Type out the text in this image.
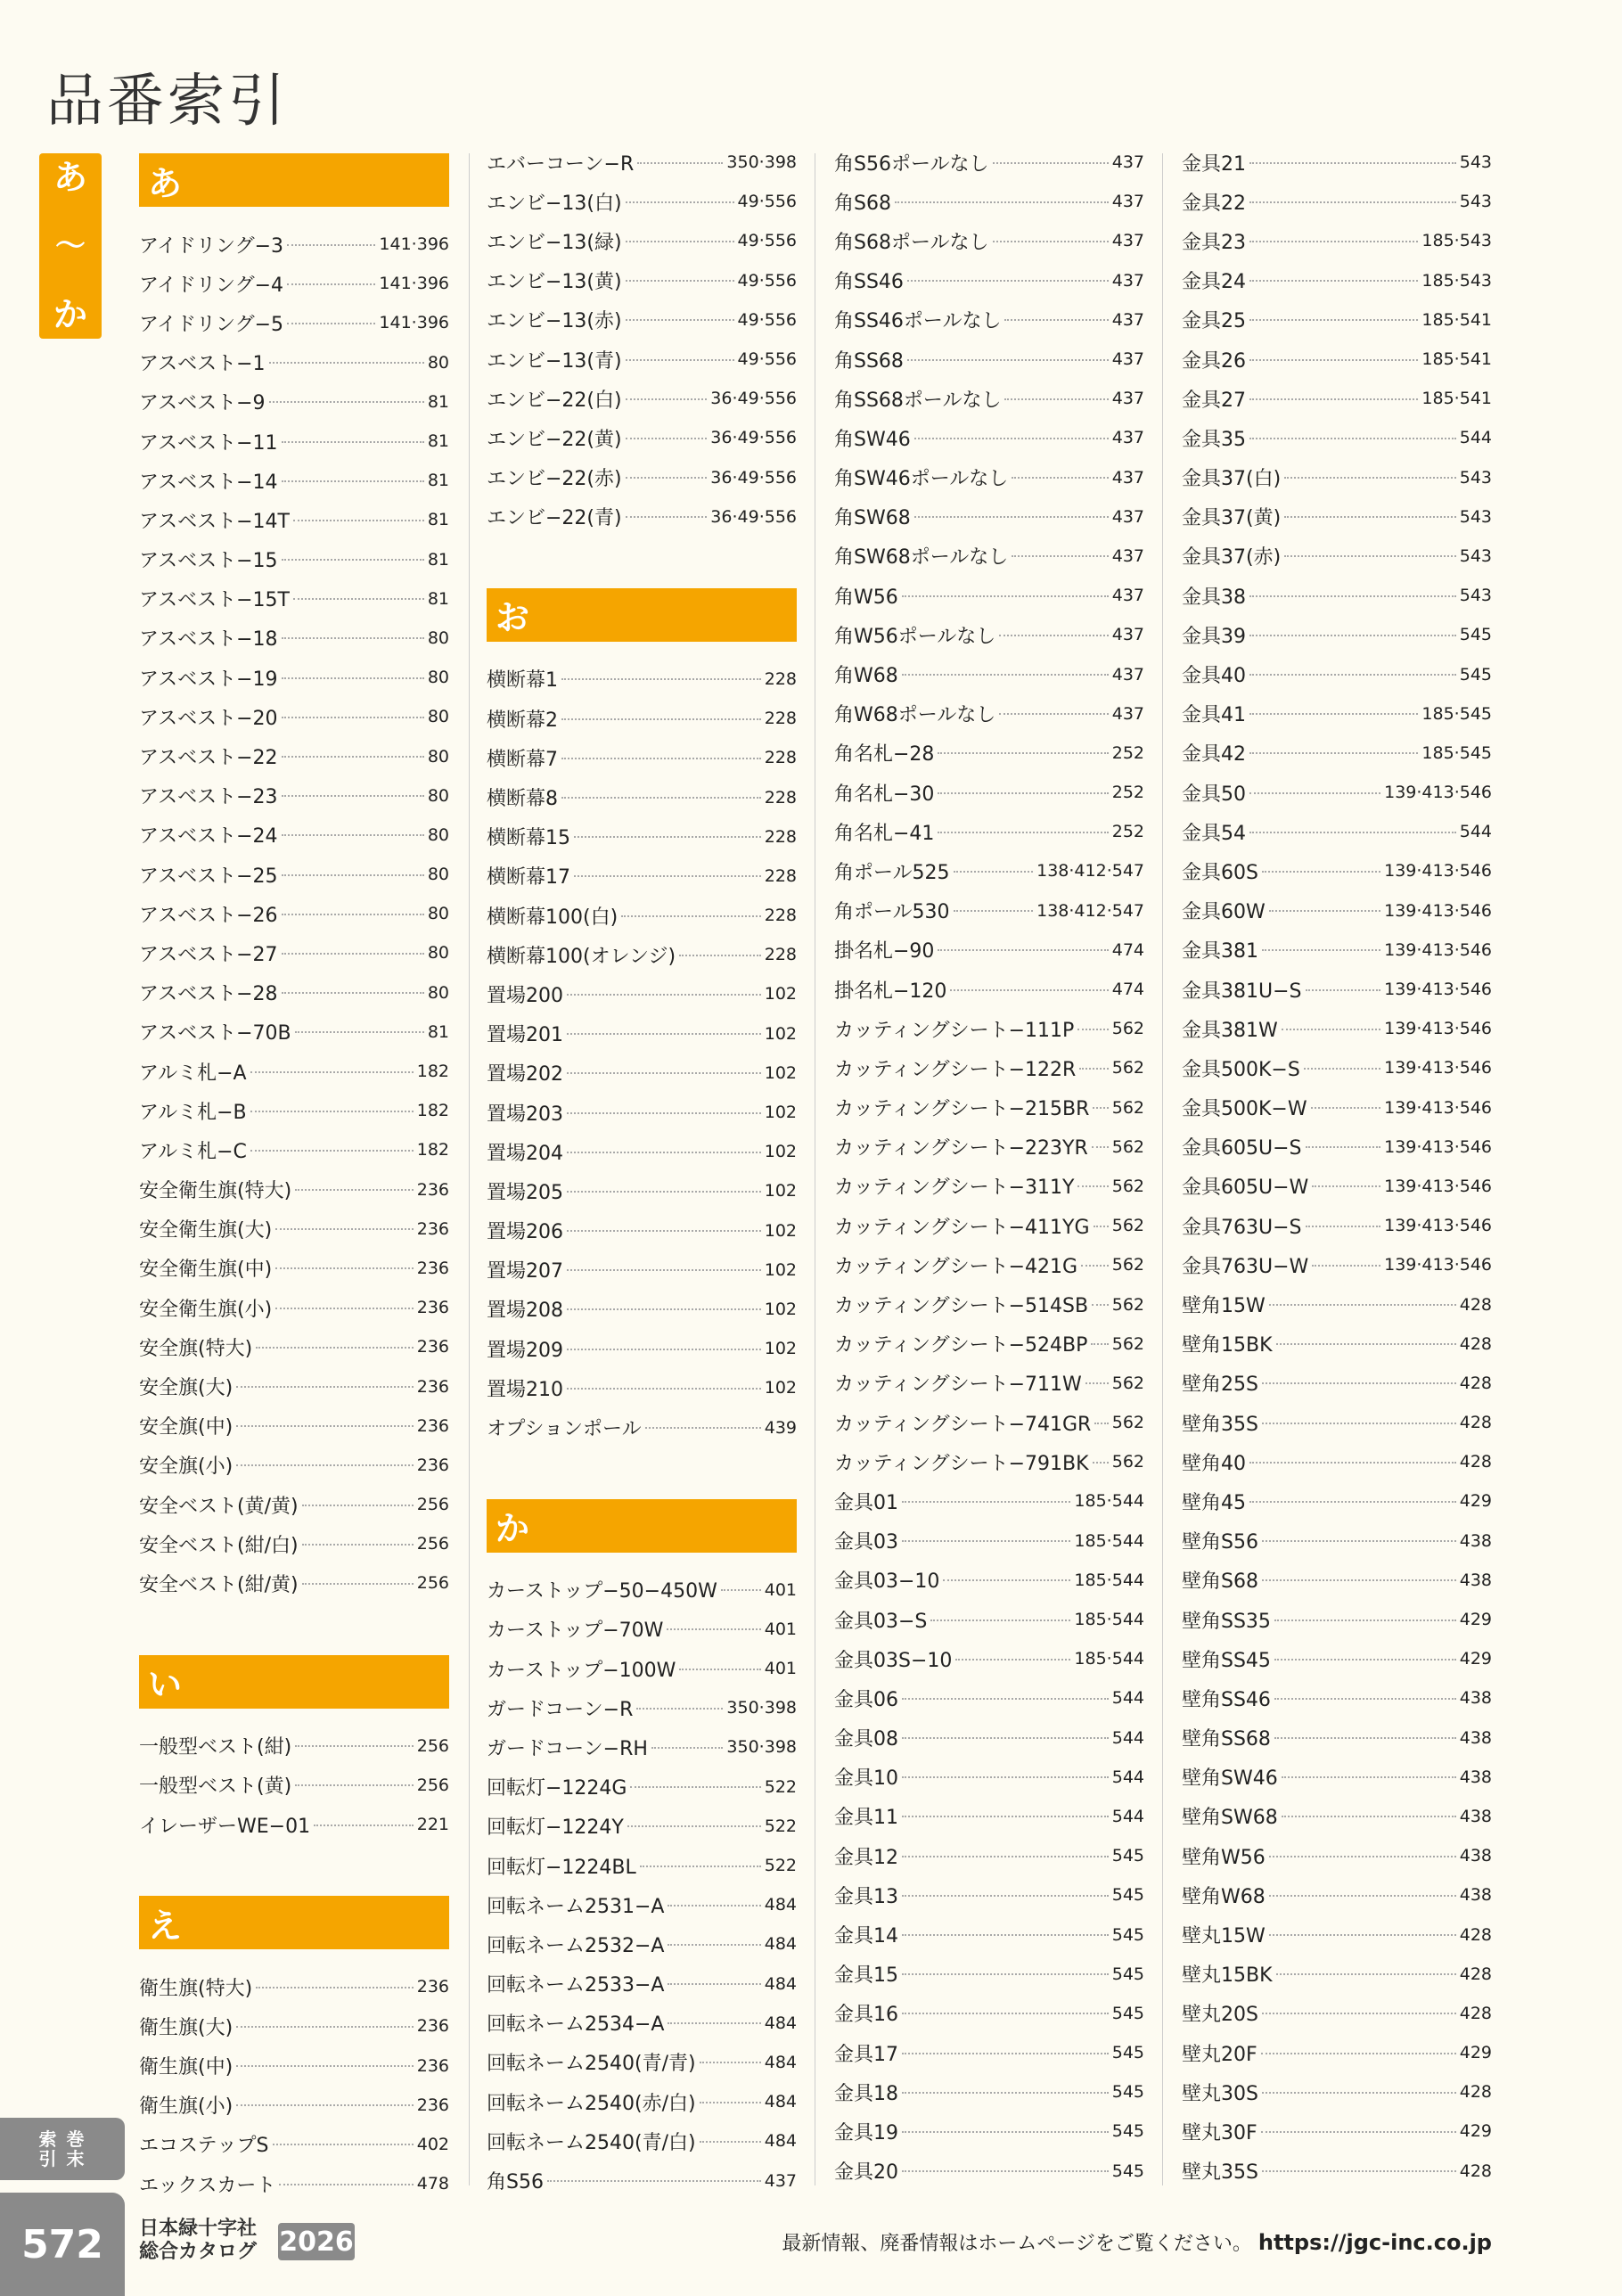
品番索引
あ
〜
か
あ
アイドリング−3	141·396
アイドリング−4	141·396
アイドリング−5	141·396
アスベスト−1	80
アスベスト−9	81
アスベスト−11	81
アスベスト−14	81
アスベスト−14T	81
アスベスト−15	81
アスベスト−15T	81
アスベスト−18	80
アスベスト−19	80
アスベスト−20	80
アスベスト−22	80
アスベスト−23	80
アスベスト−24	80
アスベスト−25	80
アスベスト−26	80
アスベスト−27	80
アスベスト−28	80
アスベスト−70B	81
アルミ札−A	182
アルミ札−B	182
アルミ札−C	182
安全衛生旗(特大)	236
安全衛生旗(大)	236
安全衛生旗(中)	236
安全衛生旗(小)	236
安全旗(特大)	236
安全旗(大)	236
安全旗(中)	236
安全旗(小)	236
安全ベスト(黄/黄)	256
安全ベスト(紺/白)	256
安全ベスト(紺/黄)	256
い
一般型ベスト(紺)	256
一般型ベスト(黄)	256
イレーザーWE−01	221
え
衛生旗(特大)	236
衛生旗(大)	236
衛生旗(中)	236
衛生旗(小)	236
エコステップS	402
エックスカート	478
エバーコーン−R	350·398
エンビ−13(白)	49·556
エンビ−13(緑)	49·556
エンビ−13(黄)	49·556
エンビ−13(赤)	49·556
エンビ−13(青)	49·556
エンビ−22(白)	36·49·556
エンビ−22(黄)	36·49·556
エンビ−22(赤)	36·49·556
エンビ−22(青)	36·49·556
お
横断幕1	228
横断幕2	228
横断幕7	228
横断幕8	228
横断幕15	228
横断幕17	228
横断幕100(白)	228
横断幕100(オレンジ)	228
置場200	102
置場201	102
置場202	102
置場203	102
置場204	102
置場205	102
置場206	102
置場207	102
置場208	102
置場209	102
置場210	102
オプションポール	439
か
カーストップ−50−450W	401
カーストップ−70W	401
カーストップ−100W	401
ガードコーン−R	350·398
ガードコーン−RH	350·398
回転灯−1224G	522
回転灯−1224Y	522
回転灯−1224BL	522
回転ネーム2531−A	484
回転ネーム2532−A	484
回転ネーム2533−A	484
回転ネーム2534−A	484
回転ネーム2540(青/青)	484
回転ネーム2540(赤/白)	484
回転ネーム2540(青/白)	484
角S56	437
角S56ポールなし	437
角S68	437
角S68ポールなし	437
角SS46	437
角SS46ポールなし	437
角SS68	437
角SS68ポールなし	437
角SW46	437
角SW46ポールなし	437
角SW68	437
角SW68ポールなし	437
角W56	437
角W56ポールなし	437
角W68	437
角W68ポールなし	437
角名札−28	252
角名札−30	252
角名札−41	252
角ポール525	138·412·547
角ポール530	138·412·547
掛名札−90	474
掛名札−120	474
カッティングシート−111P 562
カッティングシート−122R 562
カッティングシート−215BR 562
カッティングシート−223YR 562
カッティングシート−311Y 562
カッティングシート−411YG 562
カッティングシート−421G 562
カッティングシート−514SB 562
カッティングシート−524BP 562
カッティングシート−711W 562
カッティングシート−741GR 562
カッティングシート−791BK 562
金具01	185·544
金具03	185·544
金具03−10	185·544
金具03−S	185·544
金具03S−10	185·544
金具06	544
金具08	544
金具10	544
金具11	544
金具12	545
金具13	545
金具14	545
金具15	545
金具16	545
金具17	545
金具18	545
金具19	545
金具20	545
金具21	543
金具22	543
金具23	185·543
金具24	185·543
金具25	185·541
金具26	185·541
金具27	185·541
金具35	544
金具37(白)	543
金具37(黄)	543
金具37(赤)	543
金具38	543
金具39	545
金具40	545
金具41	185·545
金具42	185·545
金具50	139·413·546
金具54	544
金具60S	139·413·546
金具60W	139·413·546
金具381	139·413·546
金具381U−S	139·413·546
金具381W	139·413·546
金具500K−S	139·413·546
金具500K−W	139·413·546
金具605U−S	139·413·546
金具605U−W	139·413·546
金具763U−S	139·413·546
金具763U−W	139·413·546
壁角15W	428
壁角15BK	428
壁角25S	428
壁角35S	428
壁角40	428
壁角45	429
壁角S56	438
壁角S68	438
壁角SS35	429
壁角SS45	429
壁角SS46	438
壁角SS68	438
壁角SW46	438
壁角SW68	438
壁角W56	438
壁角W68	438
壁丸15W	428
壁丸15BK	428
壁丸20S	428
壁丸20F	429
壁丸30S	428
壁丸30F	429
壁丸35S	428
索 巻
引 末
572 日本緑十字社
総合カタログ 2026	最新情報、廃番情報はホームページをご覧ください。 https://jgc-inc.co.jp
